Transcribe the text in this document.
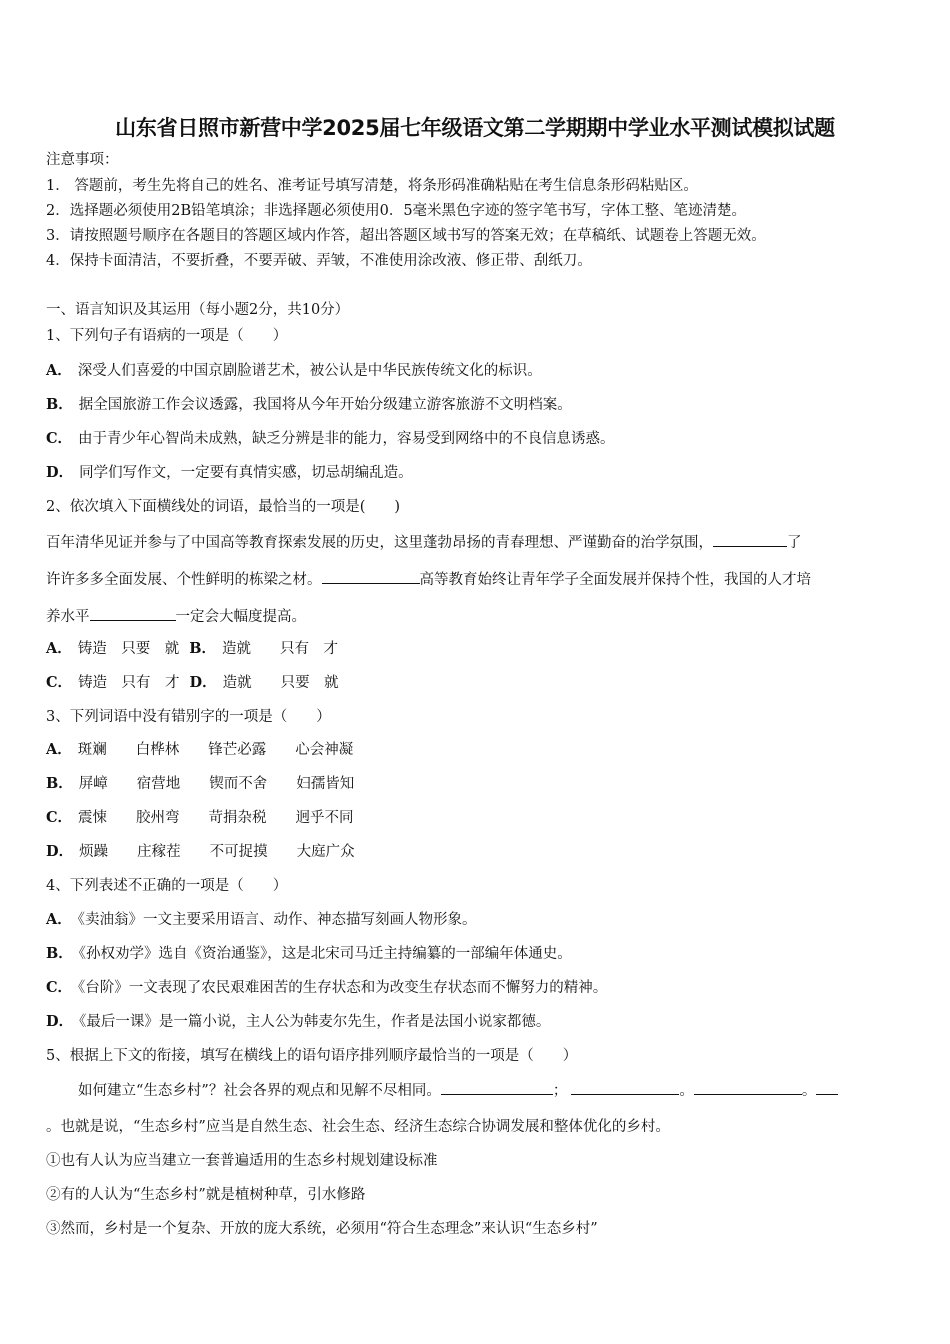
山东省日照市新营中学2025届七年级语文第二学期期中学业水平测试模拟试题
注意事项：
1． 答题前，考生先将自己的姓名、准考证号填写清楚，将条形码准确粘贴在考生信息条形码粘贴区。
2．选择题必须使用2B铅笔填涂；非选择题必须使用0．5毫米黑色字迹的签字笔书写，字体工整、笔迹清楚。
3．请按照题号顺序在各题目的答题区域内作答，超出答题区域书写的答案无效；在草稿纸、试题卷上答题无效。
4．保持卡面清洁，不要折叠，不要弄破、弄皱，不准使用涂改液、修正带、刮纸刀。
一、语言知识及其运用（每小题2分，共10分）
1、下列句子有语病的一项是（　　）
A． 深受人们喜爱的中国京剧脸谱艺术，被公认是中华民族传统文化的标识。
B． 据全国旅游工作会议透露，我国将从今年开始分级建立游客旅游不文明档案。
C． 由于青少年心智尚未成熟，缺乏分辨是非的能力，容易受到网络中的不良信息诱惑。
D． 同学们写作文，一定要有真情实感，切忌胡编乱造。
2、依次填入下面横线处的词语，最恰当的一项是(　　)
百年清华见证并参与了中国高等教育探索发展的历史，这里蓬勃昂扬的青春理想、严谨勤奋的治学氛围，	了
许许多多全面发展、个性鲜明的栋梁之材。	高等教育始终让青年学子全面发展并保持个性，我国的人才培
养水平	一定会大幅度提高。
A． 铸造　只要　就 B． 造就　　只有　才
C． 铸造　只有　才 D． 造就　　只要　就
3、下列词语中没有错别字的一项是（　　）
A． 斑斓　　白桦林　　锋芒必露　　心会神凝
B． 屏嶂　　宿营地　　锲而不舍　　妇孺皆知
C． 震悚　　胶州弯　　苛捐杂税　　迥乎不同
D． 烦躁　　庄稼茬　　不可捉摸　　大庭广众
4、下列表述不正确的一项是（　　）
A． 《卖油翁》一文主要采用语言、动作、神态描写刻画人物形象。
B． 《孙权劝学》选自《资治通鉴》，这是北宋司马迁主持编纂的一部编年体通史。
C． 《台阶》一文表现了农民艰难困苦的生存状态和为改变生存状态而不懈努力的精神。
D． 《最后一课》是一篇小说，主人公为韩麦尔先生，作者是法国小说家都德。
5、根据上下文的衔接，填写在横线上的语句语序排列顺序最恰当的一项是（　　）
如何建立“生态乡村”？社会各界的观点和见解不尽相同。	；	。	。
。也就是说，“生态乡村”应当是自然生态、社会生态、经济生态综合协调发展和整体优化的乡村。
①也有人认为应当建立一套普遍适用的生态乡村规划建设标准
②有的人认为“生态乡村”就是植树种草，引水修路
③然而，乡村是一个复杂、开放的庞大系统，必须用“符合生态理念”来认识“生态乡村”
